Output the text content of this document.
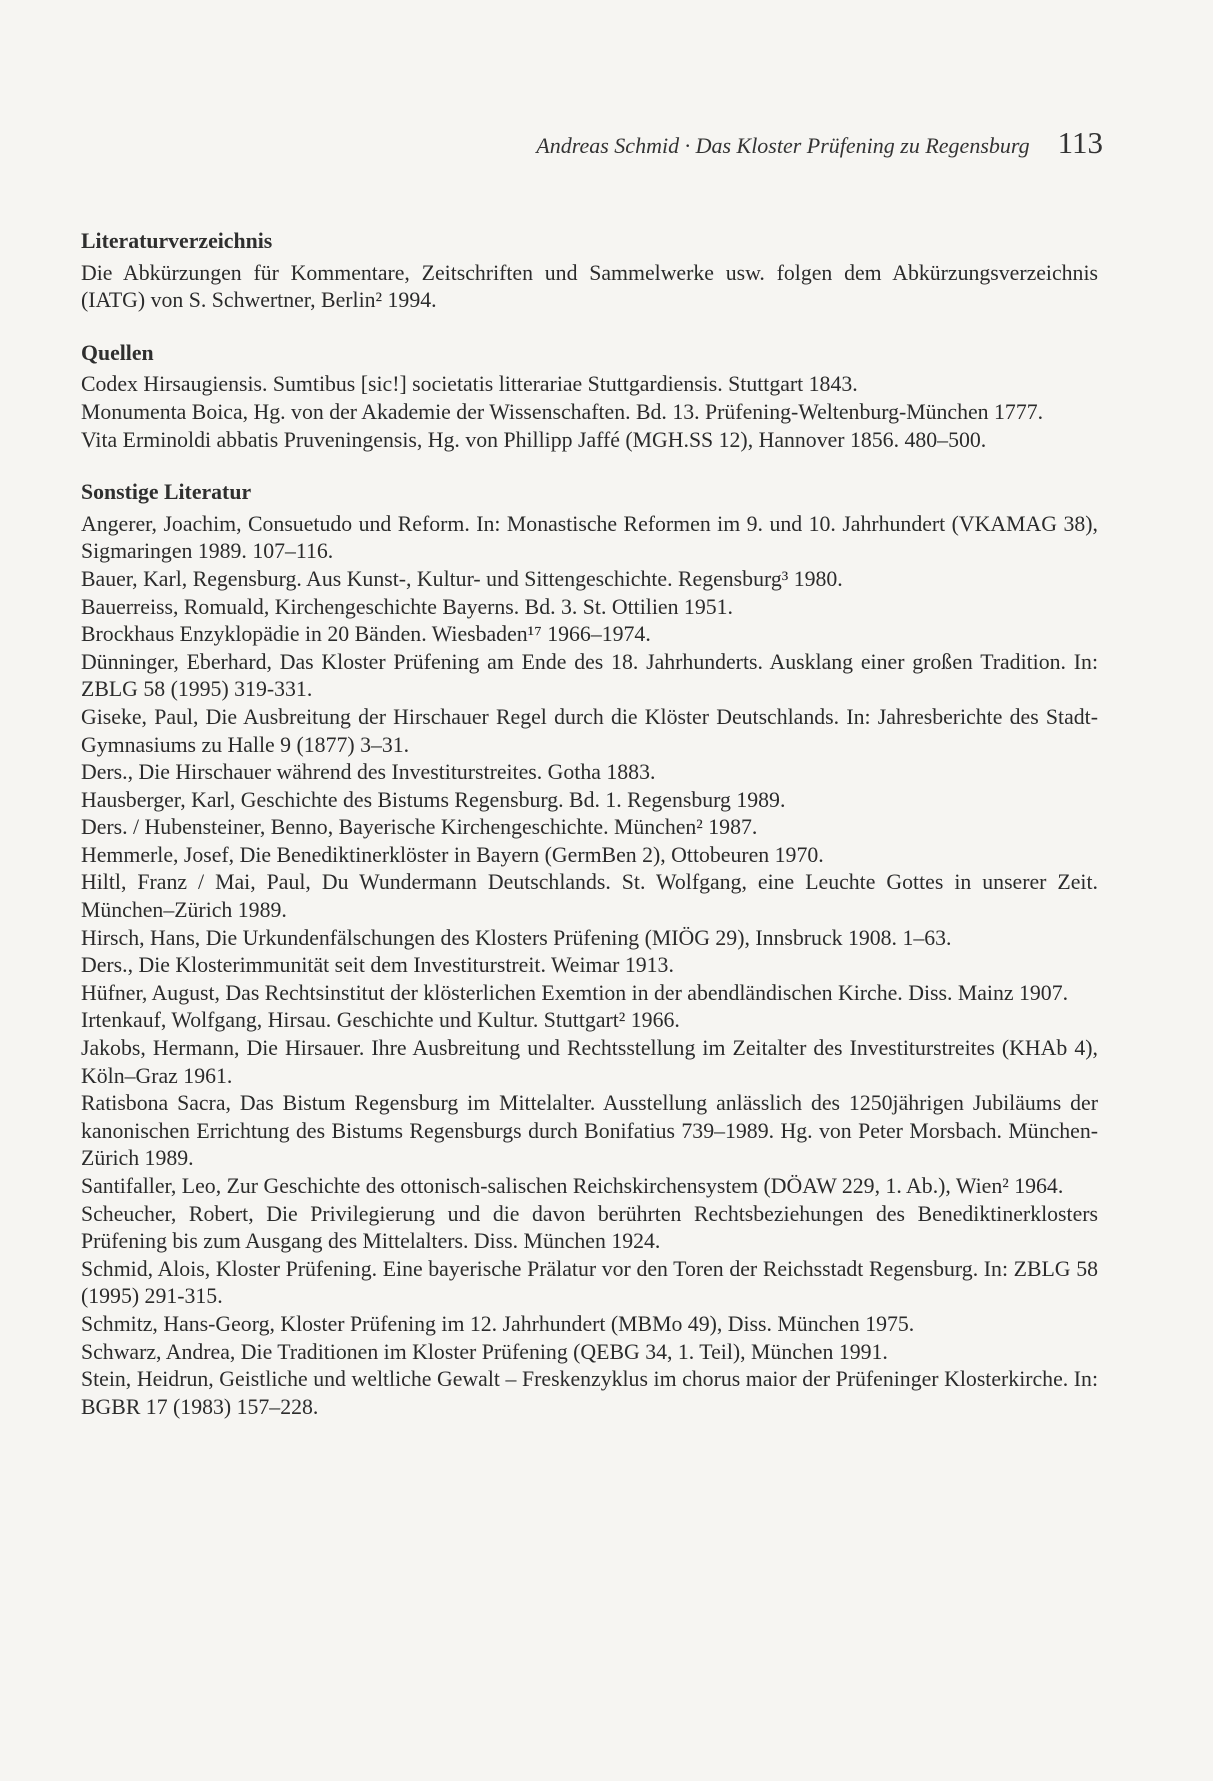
Andreas Schmid · Das Kloster Prüfening zu Regensburg 113
Literaturverzeichnis

Die Abkürzungen für Kommentare, Zeitschriften und Sammelwerke usw. folgen dem Abkürzungsverzeichnis (IATG) von S. Schwertner, Berlin² 1994.

Quellen

Codex Hirsaugiensis. Sumtibus [sic!] societatis litterariae Stuttgardiensis. Stuttgart 1843.

Monumenta Boica, Hg. von der Akademie der Wissenschaften. Bd. 13. Prüfening-Weltenburg-München 1777.

Vita Erminoldi abbatis Pruveningensis, Hg. von Phillipp Jaffé (MGH.SS 12), Hannover 1856. 480–500.

Sonstige Literatur

Angerer, Joachim, Consuetudo und Reform. In: Monastische Reformen im 9. und 10. Jahrhundert (VKAMAG 38), Sigmaringen 1989. 107–116.

Bauer, Karl, Regensburg. Aus Kunst-, Kultur- und Sittengeschichte. Regensburg³ 1980.

Bauerreiss, Romuald, Kirchengeschichte Bayerns. Bd. 3. St. Ottilien 1951.

Brockhaus Enzyklopädie in 20 Bänden. Wiesbaden¹⁷ 1966–1974.

Dünninger, Eberhard, Das Kloster Prüfening am Ende des 18. Jahrhunderts. Ausklang einer großen Tradition. In: ZBLG 58 (1995) 319-331.

Giseke, Paul, Die Ausbreitung der Hirschauer Regel durch die Klöster Deutschlands. In: Jahresberichte des Stadt-Gymnasiums zu Halle 9 (1877) 3–31.

Ders., Die Hirschauer während des Investiturstreites. Gotha 1883.

Hausberger, Karl, Geschichte des Bistums Regensburg. Bd. 1. Regensburg 1989.

Ders. / Hubensteiner, Benno, Bayerische Kirchengeschichte. München² 1987.

Hemmerle, Josef, Die Benediktinerklöster in Bayern (GermBen 2), Ottobeuren 1970.

Hiltl, Franz / Mai, Paul, Du Wundermann Deutschlands. St. Wolfgang, eine Leuchte Gottes in unserer Zeit. München–Zürich 1989.

Hirsch, Hans, Die Urkundenfälschungen des Klosters Prüfening (MIÖG 29), Innsbruck 1908. 1–63.

Ders., Die Klosterimmunität seit dem Investiturstreit. Weimar 1913.

Hüfner, August, Das Rechtsinstitut der klösterlichen Exemtion in der abendländischen Kirche. Diss. Mainz 1907.

Irtenkauf, Wolfgang, Hirsau. Geschichte und Kultur. Stuttgart² 1966.

Jakobs, Hermann, Die Hirsauer. Ihre Ausbreitung und Rechtsstellung im Zeitalter des Investiturstreites (KHAb 4), Köln–Graz 1961.

Ratisbona Sacra, Das Bistum Regensburg im Mittelalter. Ausstellung anlässlich des 1250jährigen Jubiläums der kanonischen Errichtung des Bistums Regensburgs durch Bonifatius 739–1989. Hg. von Peter Morsbach. München-Zürich 1989.

Santifaller, Leo, Zur Geschichte des ottonisch-salischen Reichskirchensystem (DÖAW 229, 1. Ab.), Wien² 1964.

Scheucher, Robert, Die Privilegierung und die davon berührten Rechtsbeziehungen des Benediktinerklosters Prüfening bis zum Ausgang des Mittelalters. Diss. München 1924.

Schmid, Alois, Kloster Prüfening. Eine bayerische Prälatur vor den Toren der Reichsstadt Regensburg. In: ZBLG 58 (1995) 291-315.

Schmitz, Hans-Georg, Kloster Prüfening im 12. Jahrhundert (MBMo 49), Diss. München 1975.

Schwarz, Andrea, Die Traditionen im Kloster Prüfening (QEBG 34, 1. Teil), München 1991.

Stein, Heidrun, Geistliche und weltliche Gewalt – Freskenzyklus im chorus maior der Prüfeninger Klosterkirche. In: BGBR 17 (1983) 157–228.
